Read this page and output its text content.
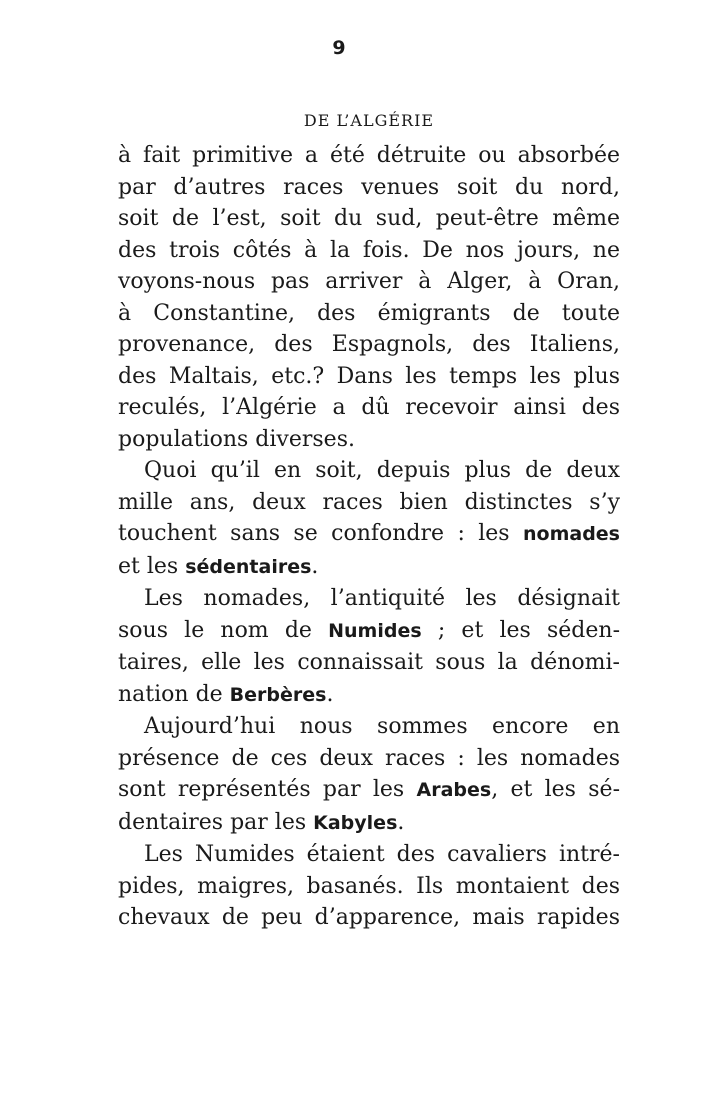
9
DE L’ALGÉRIE

à fait primitive a été détruite ou absorbée

par d’autres races venues soit du nord,

soit de l’est, soit du sud, peut-être même

des trois côtés à la fois. De nos jours, ne

voyons-nous pas arriver à Alger, à Oran,

à Constantine, des émigrants de toute

provenance, des Espagnols, des Italiens,

des Maltais, etc.? Dans les temps les plus

reculés, l’Algérie a dû recevoir ainsi des

populations diverses.

Quoi qu’il en soit, depuis plus de deux

mille ans, deux races bien distinctes s’y

touchent sans se confondre : les nomades

et les sédentaires.

Les nomades, l’antiquité les désignait

sous le nom de Numides ; et les séden-

taires, elle les connaissait sous la dénomi-

nation de Berbères.

Aujourd’hui nous sommes encore en

présence de ces deux races : les nomades

sont représentés par les Arabes, et les sé-

dentaires par les Kabyles.

Les Numides étaient des cavaliers intré-

pides, maigres, basanés. Ils montaient des

chevaux de peu d’apparence, mais rapides
